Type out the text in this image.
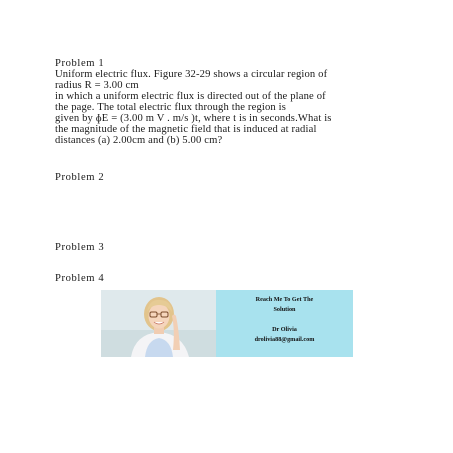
Problem 1
Uniform electric flux. Figure 32-29 shows a circular region of
radius R = 3.00 cm
in which a uniform electric flux is directed out of the plane of
the page. The total electric flux through the region is
given by ɸE = (3.00 m V . m/s )t, where t is in seconds.What is
the magnitude of the magnetic field that is induced at radial
distances (a) 2.00cm and (b) 5.00 cm?
Problem 2
Problem 3
Problem 4
Reach Me To Get The
Solution
Dr Olivia
drolivia88@gmail.com
